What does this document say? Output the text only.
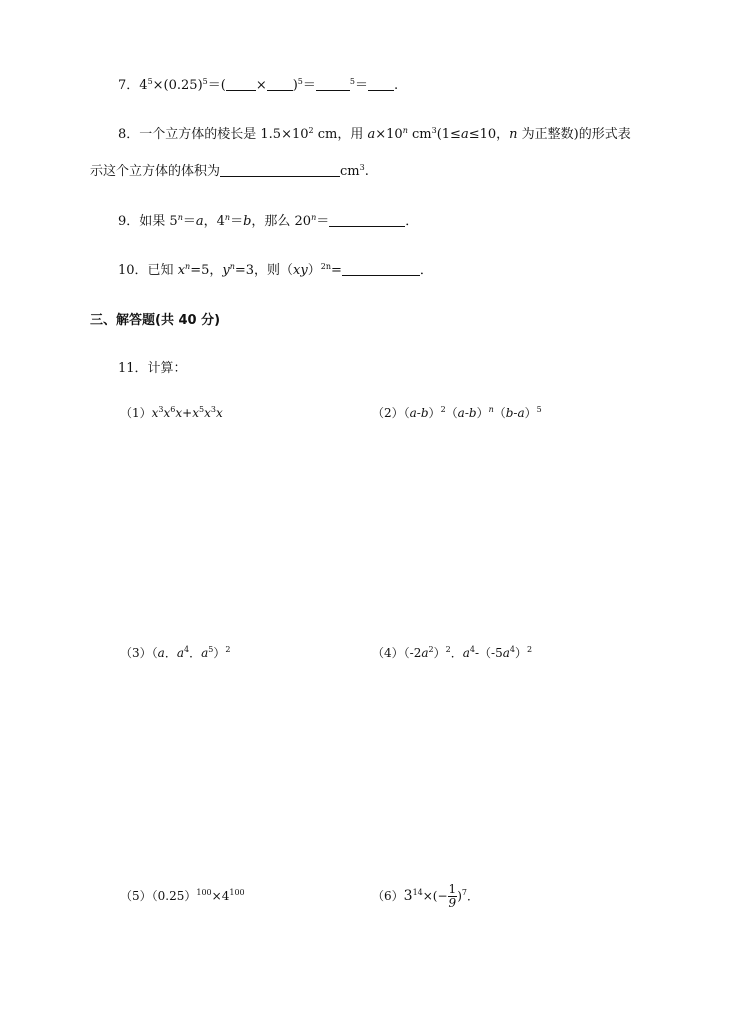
7．$4^5\times(0.25)^5=( \times )^5=$	$^5$＝ .
8．一个立方体的棱长是 $1.5\times 10^2$ cm，用 $a\times 10^n$ $cm^3(1\le a\le 10$，n 为正整数)的形式表
示这个立方体的体积为	$cm^3$.
9．如果 $5^n=a$，$4^n=b$，那么 $20^n=$	．
10．已知 $x^n=5$，$y^n=3$，则（xy）$^{2n}$=	．
三、解答题(共 40 分)
11．计算：
$(1)x^3x^6x+x^5x^3x$	$(2)(a-b)^2(a-b)^n(b-a)^5$
（3）（a．$a^4$．$a^5)^2$	$(4)(-2a^2)^2$．$a^4-(-5a^4)^2$
$(5)(0.25)^{100}\times 4^{100}$	$(6)3^{14}\times(- \frac{1}{9} )^7$．
